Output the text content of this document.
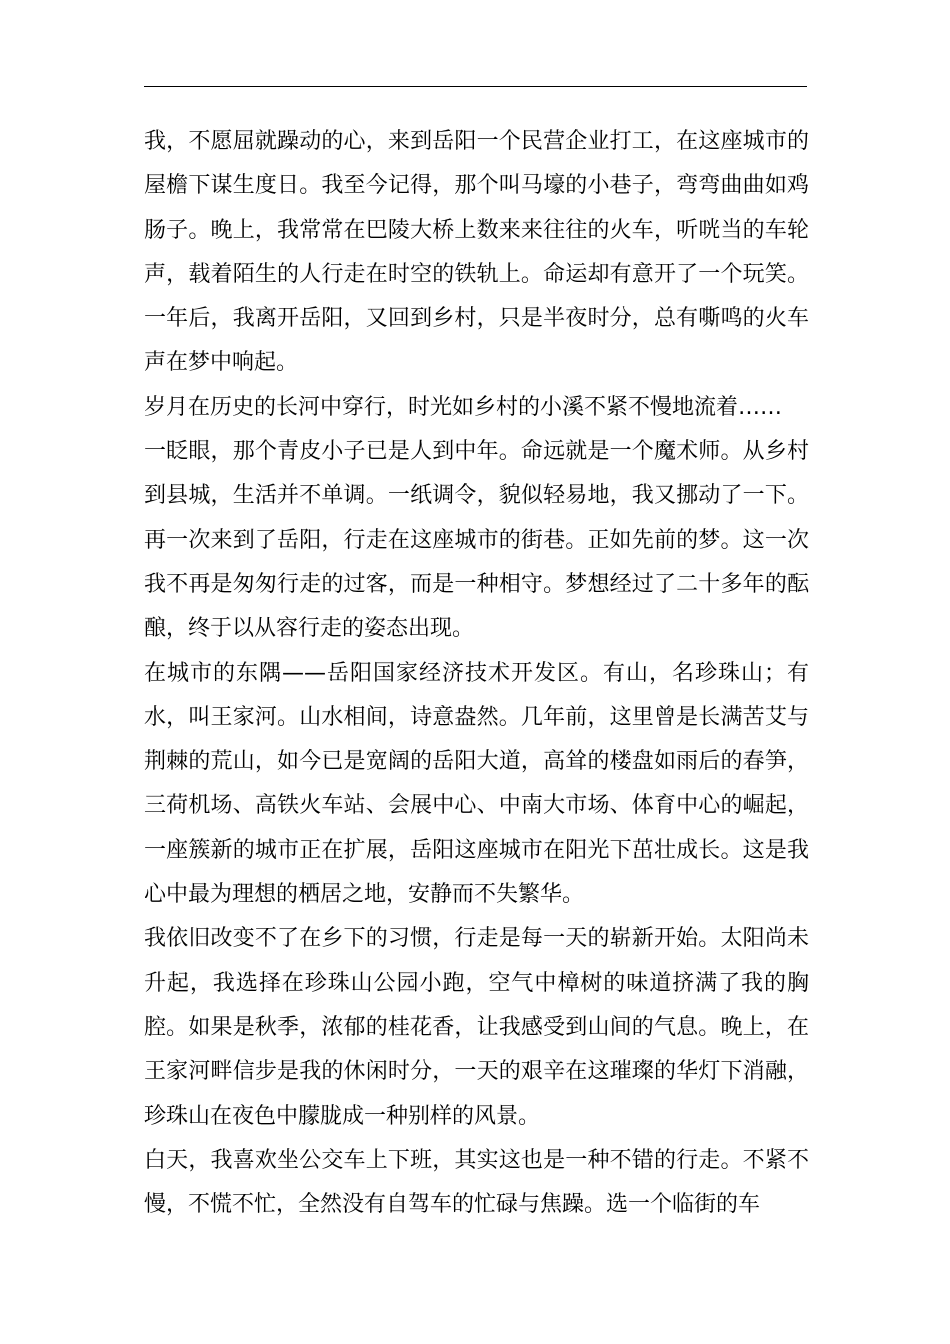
我，不愿屈就躁动的心，来到岳阳一个民营企业打工，在这座城市的屋檐下谋生度日。我至今记得，那个叫马壕的小巷子，弯弯曲曲如鸡肠子。晚上，我常常在巴陵大桥上数来来往往的火车，听咣当的车轮声，载着陌生的人行走在时空的铁轨上。命运却有意开了一个玩笑。一年后，我离开岳阳，又回到乡村，只是半夜时分，总有嘶鸣的火车声在梦中响起。

岁月在历史的长河中穿行，时光如乡村的小溪不紧不慢地流着……

一眨眼，那个青皮小子已是人到中年。命远就是一个魔术师。从乡村到县城，生活并不单调。一纸调令，貌似轻易地，我又挪动了一下。再一次来到了岳阳，行走在这座城市的街巷。正如先前的梦。这一次我不再是匆匆行走的过客，而是一种相守。梦想经过了二十多年的酝酿，终于以从容行走的姿态出现。

在城市的东隅——岳阳国家经济技术开发区。有山，名珍珠山；有水，叫王家河。山水相间，诗意盎然。几年前，这里曾是长满苦艾与荆棘的荒山，如今已是宽阔的岳阳大道，高耸的楼盘如雨后的春笋，三荷机场、高铁火车站、会展中心、中南大市场、体育中心的崛起，一座簇新的城市正在扩展，岳阳这座城市在阳光下茁壮成长。这是我心中最为理想的栖居之地，安静而不失繁华。

我依旧改变不了在乡下的习惯，行走是每一天的崭新开始。太阳尚未升起，我选择在珍珠山公园小跑，空气中樟树的味道挤满了我的胸腔。如果是秋季，浓郁的桂花香，让我感受到山间的气息。晚上，在王家河畔信步是我的休闲时分，一天的艰辛在这璀璨的华灯下消融，珍珠山在夜色中朦胧成一种别样的风景。

白天，我喜欢坐公交车上下班，其实这也是一种不错的行走。不紧不慢，不慌不忙，全然没有自驾车的忙碌与焦躁。选一个临街的车
